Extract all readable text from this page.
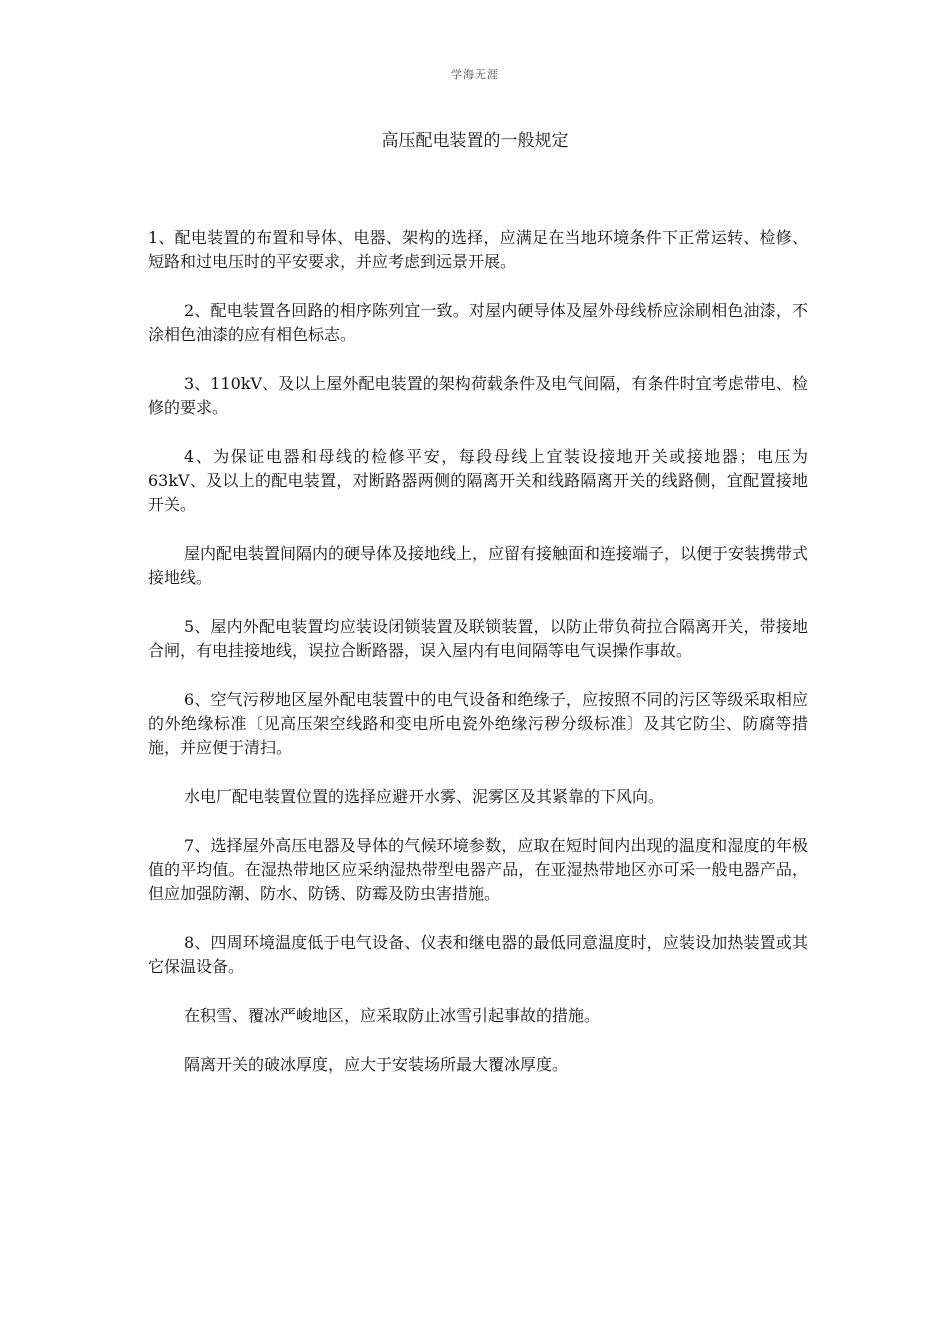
学海无涯
高压配电装置的一般规定

1、配电装置的布置和导体、电器、架构的选择，应满足在当地环境条件下正常运转、检修、短路和过电压时的平安要求，并应考虑到远景开展。

2、配电装置各回路的相序陈列宜一致。对屋内硬导体及屋外母线桥应涂刷相色油漆，不涂相色油漆的应有相色标志。

3、110kV、及以上屋外配电装置的架构荷载条件及电气间隔，有条件时宜考虑带电、检修的要求。

4、为保证电器和母线的检修平安，每段母线上宜装设接地开关或接地器；电压为63kV、及以上的配电装置，对断路器两侧的隔离开关和线路隔离开关的线路侧，宜配置接地开关。

屋内配电装置间隔内的硬导体及接地线上，应留有接触面和连接端子，以便于安装携带式接地线。

5、屋内外配电装置均应装设闭锁装置及联锁装置，以防止带负荷拉合隔离开关，带接地合闸，有电挂接地线，误拉合断路器，误入屋内有电间隔等电气误操作事故。

6、空气污秽地区屋外配电装置中的电气设备和绝缘子，应按照不同的污区等级采取相应的外绝缘标准〔见高压架空线路和变电所电瓷外绝缘污秽分级标准〕及其它防尘、防腐等措施，并应便于清扫。

水电厂配电装置位置的选择应避开水雾、泥雾区及其紧靠的下风向。

7、选择屋外高压电器及导体的气候环境参数，应取在短时间内出现的温度和湿度的年极值的平均值。在湿热带地区应采纳湿热带型电器产品，在亚湿热带地区亦可采一般电器产品，但应加强防潮、防水、防锈、防霉及防虫害措施。

8、四周环境温度低于电气设备、仪表和继电器的最低同意温度时，应装设加热装置或其它保温设备。

在积雪、覆冰严峻地区，应采取防止冰雪引起事故的措施。

隔离开关的破冰厚度，应大于安装场所最大覆冰厚度。
